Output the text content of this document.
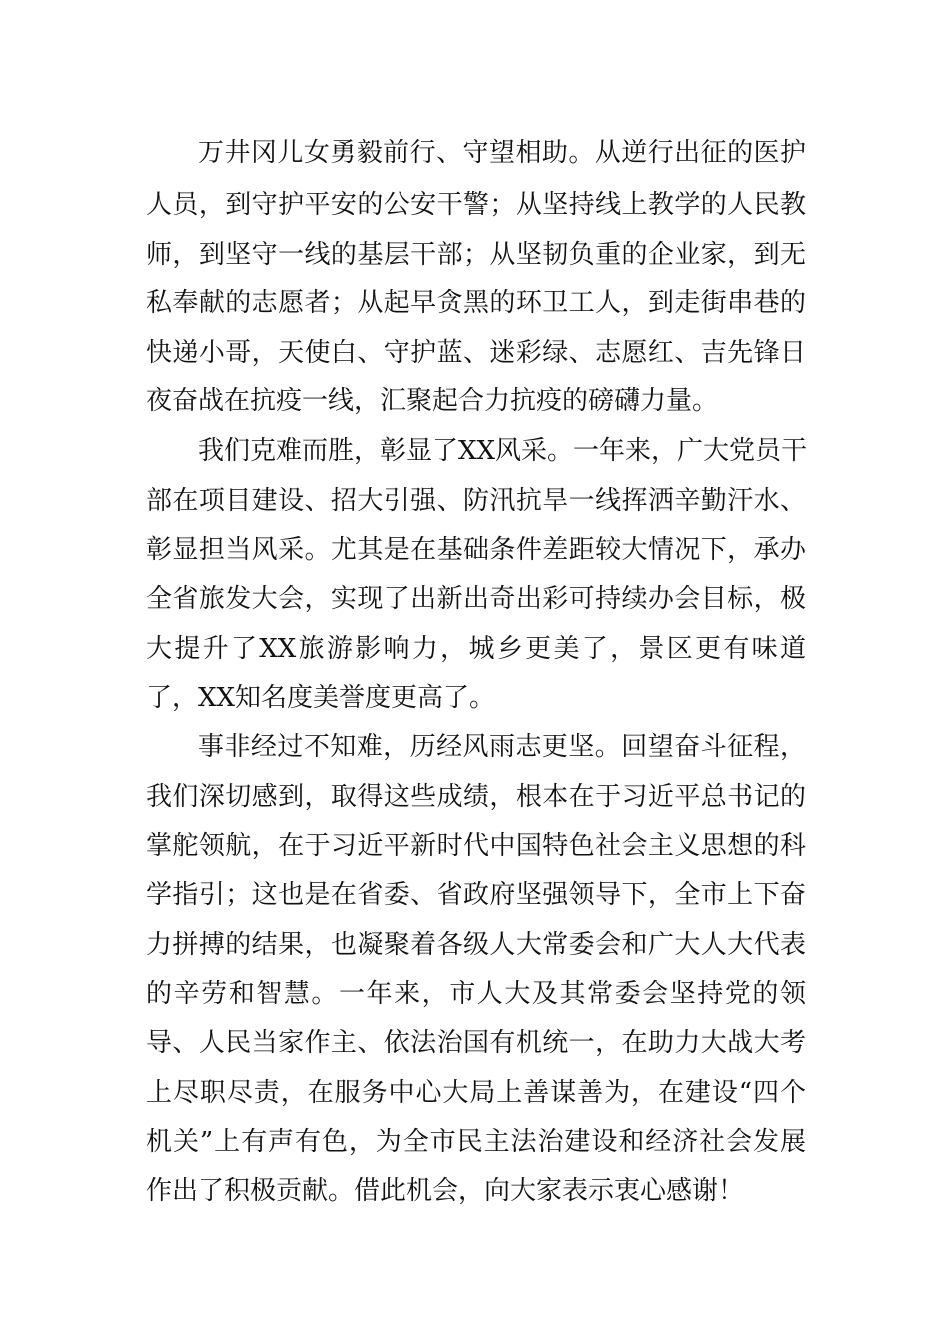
万井冈儿女勇毅前行、守望相助。从逆行出征的医护
人员，到守护平安的公安干警；从坚持线上教学的人民教
师，到坚守一线的基层干部；从坚韧负重的企业家，到无
私奉献的志愿者；从起早贪黑的环卫工人，到走街串巷的
快递小哥，天使白、守护蓝、迷彩绿、志愿红、吉先锋日
夜奋战在抗疫一线，汇聚起合力抗疫的磅礴力量。
我们克难而胜，彰显了XX风采。一年来，广大党员干
部在项目建设、招大引强、防汛抗旱一线挥洒辛勤汗水、
彰显担当风采。尤其是在基础条件差距较大情况下，承办
全省旅发大会，实现了出新出奇出彩可持续办会目标，极
大提升了XX旅游影响力，城乡更美了，景区更有味道
了，XX知名度美誉度更高了。
事非经过不知难，历经风雨志更坚。回望奋斗征程，
我们深切感到，取得这些成绩，根本在于习近平总书记的
掌舵领航，在于习近平新时代中国特色社会主义思想的科
学指引；这也是在省委、省政府坚强领导下，全市上下奋
力拼搏的结果，也凝聚着各级人大常委会和广大人大代表
的辛劳和智慧。一年来，市人大及其常委会坚持党的领
导、人民当家作主、依法治国有机统一，在助力大战大考
上尽职尽责，在服务中心大局上善谋善为，在建设“四个
机关”上有声有色，为全市民主法治建设和经济社会发展
作出了积极贡献。借此机会，向大家表示衷心感谢！
